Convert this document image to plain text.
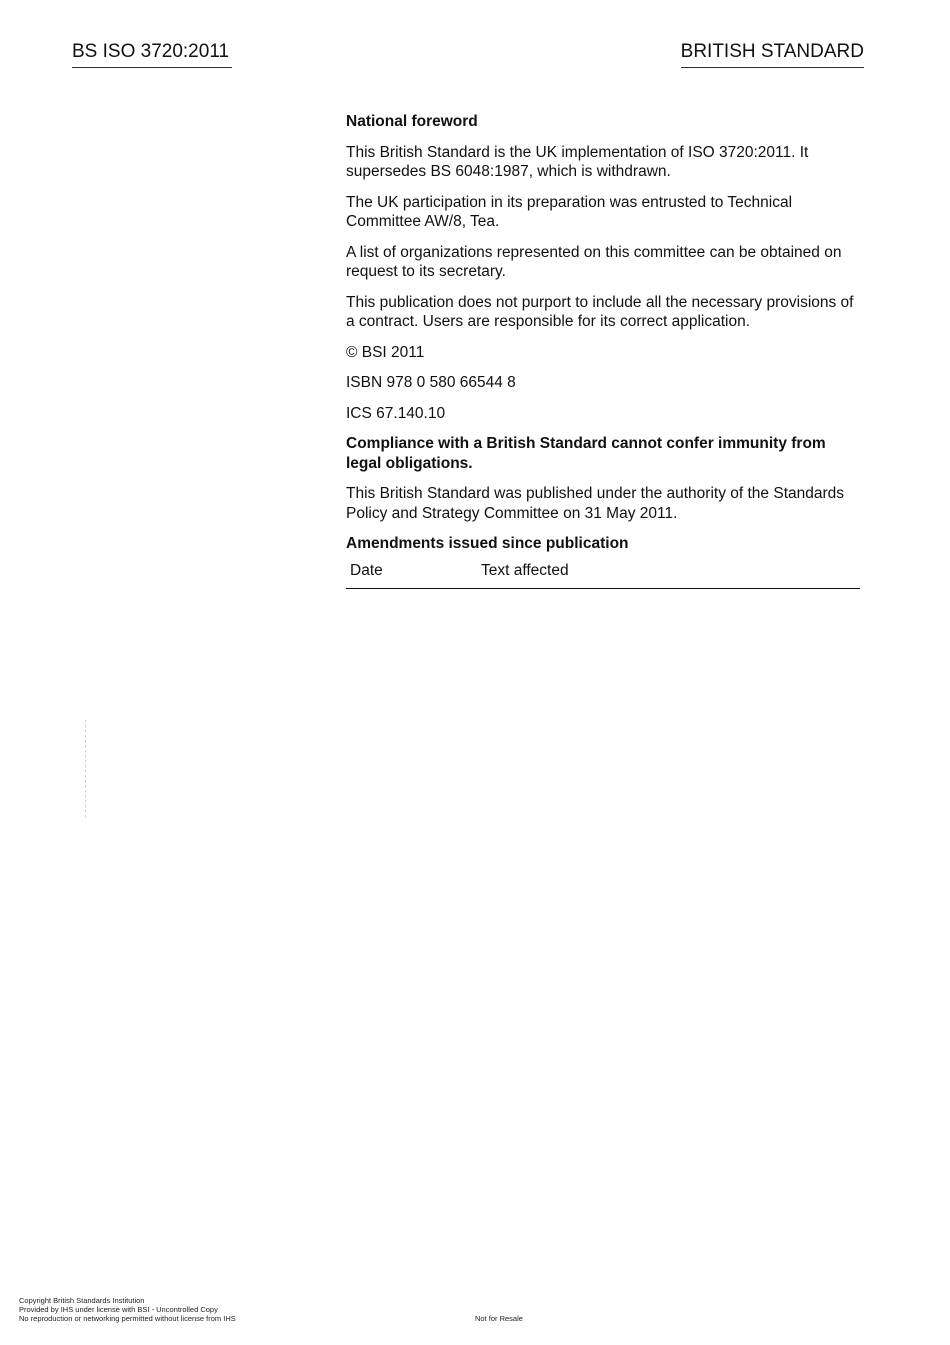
BS ISO 3720:2011	BRITISH STANDARD

National foreword

This British Standard is the UK implementation of ISO 3720:2011. It supersedes BS 6048:1987, which is withdrawn.

The UK participation in its preparation was entrusted to Technical Committee AW/8, Tea.

A list of organizations represented on this committee can be obtained on request to its secretary.

This publication does not purport to include all the necessary provisions of a contract. Users are responsible for its correct application.

© BSI 2011

ISBN 978 0 580 66544 8

ICS 67.140.10

Compliance with a British Standard cannot confer immunity from legal obligations.

This British Standard was published under the authority of the Standards Policy and Strategy Committee on 31 May 2011.

Amendments issued since publication
Date	Text affected
Copyright British Standards Institution
Provided by IHS under license with BSI - Uncontrolled Copy
No reproduction or networking permitted without license from IHS	Not for Resale
